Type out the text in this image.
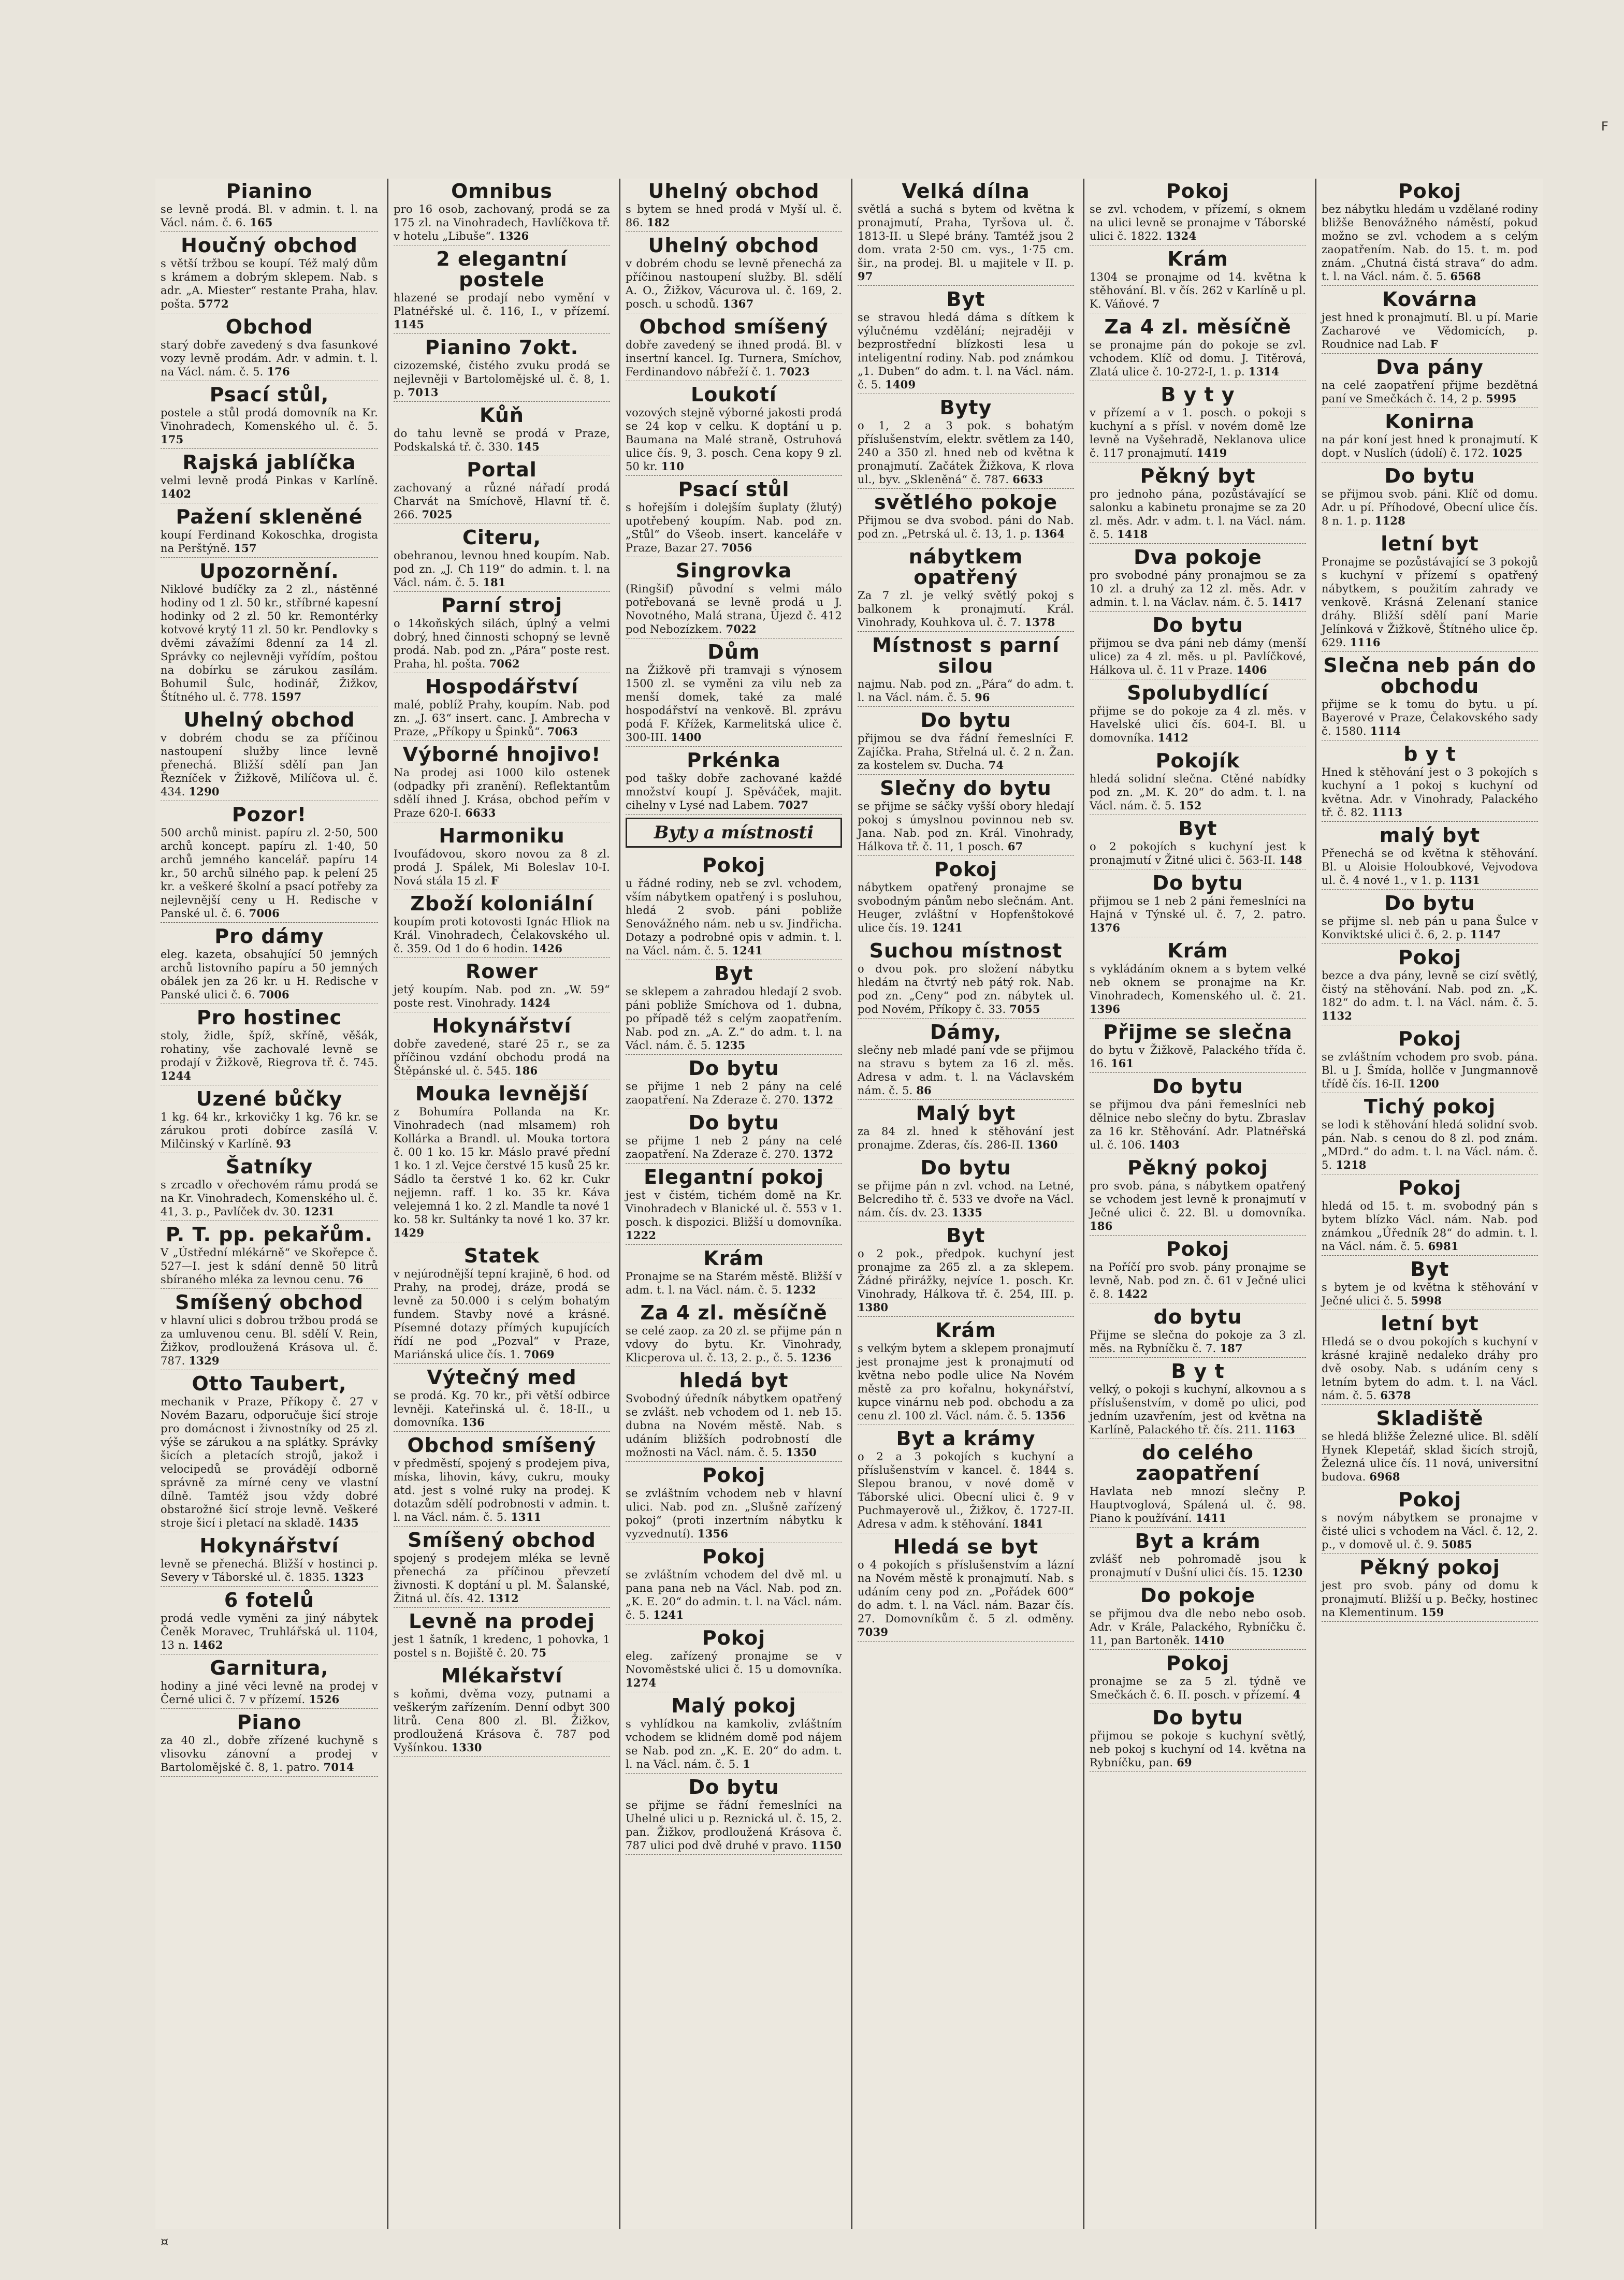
F
Pianino

se levně prodá. Bl. v admin. t. l. na Václ. nám. č. 6. 165

Houčný obchod

s větší tržbou se koupí. Též malý dům s krámem a dobrým sklepem. Nab. s adr. „A. Miester“ restante Praha, hlav. pošta. 5772

Obchod

starý dobře zavedený s dva fasunkové vozy levně prodám. Adr. v admin. t. l. na Václ. nám. č. 5. 176

Psací stůl,

postele a stůl prodá domovník na Kr. Vinohradech, Komenského ul. č. 5. 175

Rajská jablíčka

velmi levně prodá Pinkas v Karlíně. 1402

Pažení skleněné

koupí Ferdinand Kokoschka, drogista na Perštýně. 157

Upozornění.

Niklové budíčky za 2 zl., nástěnné hodiny od 1 zl. 50 kr., stříbrné kapesní hodinky od 2 zl. 50 kr. Remontérky kotvové krytý 11 zl. 50 kr. Pendlovky s dvěmi závažími 8denní za 14 zl. Správky co nejlevněji vyřídím, poštou na dobírku se zárukou zasílám. Bohumil Šulc, hodinář, Žižkov, Štítného ul. č. 778. 1597

Uhelný obchod

v dobrém chodu se za příčinou nastoupení služby lince levně přenechá. Bližší sdělí pan Jan Řezníček v Žižkově, Milíčova ul. č. 434. 1290

Pozor!

500 archů minist. papíru zl. 2·50, 500 archů koncept. papíru zl. 1·40, 50 archů jemného kancelář. papíru 14 kr., 50 archů silného pap. k pelení 25 kr. a veškeré školní a psací potřeby za nejlevnější ceny u H. Redische v Panské ul. č. 6. 7006

Pro dámy

eleg. kazeta, obsahující 50 jemných archů listovního papíru a 50 jemných obálek jen za 26 kr. u H. Redische v Panské ulici č. 6. 7006

Pro hostinec

stoly, židle, špíž, skříně, věšák, rohatiny, vše zachovalé levně se prodají v Žižkově, Riegrova tř. č. 745. 1244

Uzené bůčky

1 kg. 64 kr., krkovičky 1 kg. 76 kr. se zárukou proti dobírce zasílá V. Milčinský v Karlíně. 93

Šatníky

s zrcadlo v ořechovém rámu prodá se na Kr. Vinohradech, Komenského ul. č. 41, 3. p., Pavlíček dv. 30. 1231

P. T. pp. pekařům.

V „Ústřední mlékárně“ ve Skořepce č. 527—I. jest k sdání denně 50 litrů sbíraného mléka za levnou cenu. 76

Smíšený obchod

v hlavní ulici s dobrou tržbou prodá se za umluvenou cenu. Bl. sdělí V. Rein, Žižkov, prodloužená Krásova ul. č. 787. 1329

Otto Taubert,

mechanik v Praze, Příkopy č. 27 v Novém Bazaru, odporučuje šicí stroje pro domácnost i živnostníky od 25 zl. výše se zárukou a na splátky. Správky šicích a pletacích strojů, jakož i velocipedů se provádějí odborně správně za mírné ceny ve vlastní dílně. Tamtéž jsou vždy dobré obstarožné šicí stroje levně. Veškeré stroje šicí i pletací na skladě. 1435

Hokynářství

levně se přenechá. Bližší v hostinci p. Severy v Táborské ul. č. 1835. 1323

6 fotelů

prodá vedle vyměni za jiný nábytek Čeněk Moravec, Truhlářská ul. 1104, 13 n. 1462

Garnitura,

hodiny a jiné věci levně na prodej v Černé ulici č. 7 v přízemí. 1526

Piano

za 40 zl., dobře zřízené kuchyně s vlisovku zánovní a prodej v Bartolomějské č. 8, 1. patro. 7014

Omnibus

pro 16 osob, zachovaný, prodá se za 175 zl. na Vinohradech, Havlíčkova tř. v hotelu „Libuše“. 1326

2 elegantní postele

hlazené se prodají nebo vymění v Platnéřské ul. č. 116, I., v přízemí. 1145

Pianino 7okt.

cizozemské, čistého zvuku prodá se nejlevněji v Bartolomějské ul. č. 8, 1. p. 7013

Kůň

do tahu levně se prodá v Praze, Podskalská tř. č. 330. 145

Portal

zachovaný a různé nářadí prodá Charvát na Smíchově, Hlavní tř. č. 266. 7025

Citeru,

obehranou, levnou hned koupím. Nab. pod zn. „J. Ch 119“ do admin. t. l. na Václ. nám. č. 5. 181

Parní stroj

o 14koňských silách, úplný a velmi dobrý, hned činnosti schopný se levně prodá. Nab. pod zn. „Pára“ poste rest. Praha, hl. pošta. 7062

Hospodářství

malé, poblíž Prahy, koupím. Nab. pod zn. „J. 63“ insert. canc. J. Ambrecha v Praze, „Příkopy u Špinků“. 7063

Výborné hnojivo!

Na prodej asi 1000 kilo ostenek (odpadky při zranění). Reflektantům sdělí ihned J. Krása, obchod peřím v Praze 620-I. 6633

Harmoniku

Ivoufádovou, skoro novou za 8 zl. prodá J. Spálek, Mi Boleslav 10-I. Nová stála 15 zl. F

Zboží koloniální

koupím proti kotovosti Ignác Hliok na Král. Vinohradech, Čelakovského ul. č. 359. Od 1 do 6 hodin. 1426

Rower

jetý koupím. Nab. pod zn. „W. 59“ poste rest. Vinohrady. 1424

Hokynářství

dobře zavedené, staré 25 r., se za příčinou vzdání obchodu prodá na Štěpánské ul. č. 545. 186

Mouka levnější

z Bohumíra Pollanda na Kr. Vinohradech (nad mlsamem) roh Kollárka a Brandl. ul. Mouka tortora č. 00 1 ko. 15 kr. Máslo pravé přední 1 ko. 1 zl. Vejce čerstvé 15 kusů 25 kr. Sádlo ta čerstvé 1 ko. 62 kr. Cukr nejjemn. raff. 1 ko. 35 kr. Káva velejemná 1 ko. 2 zl. Mandle ta nové 1 ko. 58 kr. Sultánky ta nové 1 ko. 37 kr. 1429

Statek

v nejúrodnější tepní krajině, 6 hod. od Prahy, na prodej, dráze, prodá se levně za 50.000 i s celým bohatým fundem. Stavby nové a krásné. Písemné dotazy přímých kupujících řídí ne pod „Pozval“ v Praze, Mariánská ulice čís. 1. 7069

Výtečný med

se prodá. Kg. 70 kr., při větší odbirce levněji. Kateřinská ul. č. 18-II., u domovníka. 136

Obchod smíšený

v předměstí, spojený s prodejem piva, míska, lihovin, kávy, cukru, mouky atd. jest s volné ruky na prodej. K dotazům sdělí podrobnosti v admin. t. l. na Václ. nám. č. 5. 1311

Smíšený obchod

spojený s prodejem mléka se levně přenechá za příčinou převzetí živnosti. K doptání u pl. M. Šalanské, Žitná ul. čís. 42. 1312

Levně na prodej

jest 1 šatník, 1 kredenc, 1 pohovka, 1 postel s n. Bojiště č. 20. 75

Mlékařství

s koňmi, dvěma vozy, putnami a veškerým zařízením. Denní odbyt 300 litrů. Cena 800 zl. Bl. Žižkov, prodloužená Krásova č. 787 pod Vyšínkou. 1330

Uhelný obchod

s bytem se hned prodá v Myší ul. č. 86. 182

Uhelný obchod

v dobrém chodu se levně přenechá za příčinou nastoupení služby. Bl. sdělí A. O., Žižkov, Vácurova ul. č. 169, 2. posch. u schodů. 1367

Obchod smíšený

dobře zavedený se ihned prodá. Bl. v insertní kancel. Ig. Turnera, Smíchov, Ferdinandovo nábřeží č. 1. 7023

Loukotí

vozových stejně výborné jakosti prodá se 24 kop v celku. K doptání u p. Baumana na Malé straně, Ostruhová ulice čís. 9, 3. posch. Cena kopy 9 zl. 50 kr. 110

Psací stůl

s hořejším i dolejším šuplaty (žlutý) upotřebený koupím. Nab. pod zn. „Stůl“ do Všeob. insert. kanceláře v Praze, Bazar 27. 7056

Singrovka

(Ringšif) původní s velmi málo potřebovaná se levně prodá u J. Novotného, Malá strana, Újezd č. 412 pod Nebozízkem. 7022

Dům

na Žižkově při tramvaji s výnosem 1500 zl. se vyměni za vilu neb za menší domek, také za malé hospodářství na venkově. Bl. zprávu podá F. Křížek, Karmelitská ulice č. 300-III. 1400

Prkénka

pod tašky dobře zachované každé množství koupí J. Spěváček, majit. cihelny v Lysé nad Labem. 7027

Byty a místnosti
Pokoj

u řádné rodiny, neb se zvl. vchodem, vším nábytkem opatřený i s posluhou, hledá 2 svob. páni pobliže Senovážného nám. neb u sv. Jindřicha. Dotazy a podrobné opis v admin. t. l. na Václ. nám. č. 5. 1241

Byt

se sklepem a zahradou hledají 2 svob. páni pobliže Smíchova od 1. dubna, po případě též s celým zaopatřením. Nab. pod zn. „A. Z.“ do adm. t. l. na Václ. nám. č. 5. 1235

Do bytu

se přijme 1 neb 2 pány na celé zaopatření. Na Zderaze č. 270. 1372

Do bytu

se přijme 1 neb 2 pány na celé zaopatření. Na Zderaze č. 270. 1372

Elegantní pokoj

jest v čistém, tichém domě na Kr. Vinohradech v Blanické ul. č. 553 v 1. posch. k dispozici. Bližší u domovníka. 1222

Krám

Pronajme se na Starém městě. Bližší v adm. t. l. na Václ. nám. č. 5. 1232

Za 4 zl. měsíčně

se celé zaop. za 20 zl. se přijme pán n vdovy do bytu. Kr. Vinohrady, Klicperova ul. č. 13, 2. p., č. 5. 1236

hledá byt

Svobodný úředník nábytkem opatřený se zvlášt. neb vchodem od 1. neb 15. dubna na Novém městě. Nab. s udáním bližších podrobností dle možnosti na Václ. nám. č. 5. 1350

Pokoj

se zvláštním vchodem neb v hlavní ulici. Nab. pod zn. „Slušně zařízený pokoj“ (proti inzertním nábytku k vyzvednutí). 1356

Pokoj

se zvláštním vchodem del dvě ml. u pana pana neb na Václ. Nab. pod zn. „K. E. 20“ do admin. t. l. na Václ. nám. č. 5. 1241

Pokoj

eleg. zařízený pronajme se v Novoměstské ulici č. 15 u domovníka. 1274

Malý pokoj

s vyhlídkou na kamkoliv, zvláštním vchodem se klidném domě pod nájem se Nab. pod zn. „K. E. 20“ do adm. t. l. na Václ. nám. č. 5. 1

Do bytu

se přijme se řádní řemeslníci na Uhelné ulici u p. Reznická ul. č. 15, 2. pan. Žižkov, prodloužená Krásova č. 787 ulici pod dvě druhé v pravo. 1150

Velká dílna

světlá a suchá s bytem od května k pronajmutí, Praha, Tyršova ul. č. 1813-II. u Slepé brány. Tamtéž jsou 2 dom. vrata 2·50 cm. vys., 1·75 cm. šir., na prodej. Bl. u majitele v II. p. 97

Byt

se stravou hledá dáma s dítkem k výlučnému vzdělání; nejraději v bezprostřední blízkosti lesa u inteligentní rodiny. Nab. pod známkou „1. Duben“ do adm. t. l. na Václ. nám. č. 5. 1409

Byty

o 1, 2 a 3 pok. s bohatým příslušenstvím, elektr. světlem za 140, 240 a 350 zl. hned neb od května k pronajmutí. Začátek Žižkova, K rlova ul., byv. „Skleněná“ č. 787. 6633

světlého pokoje

Přijmou se dva svobod. páni do Nab. pod zn. „Petrská ul. č. 13, 1. p. 1364

nábytkem opatřený

Za 7 zl. je velký světlý pokoj s balkonem k pronajmutí. Král. Vinohrady, Kouhkova ul. č. 7. 1378

Místnost s parní silou

najmu. Nab. pod zn. „Pára“ do adm. t. l. na Václ. nám. č. 5. 96

Do bytu

přijmou se dva řádní řemeslníci F. Zajíčka. Praha, Střelná ul. č. 2 n. Žan. za kostelem sv. Ducha. 74

Slečny do bytu

se přijme se sáčky vyšší obory hledají pokoj s úmyslnou povinnou neb sv. Jana. Nab. pod zn. Král. Vinohrady, Hálkova tř. č. 11, 1 posch. 67

Pokoj

nábytkem opatřený pronajme se svobodným pánům nebo slečnám. Ant. Heuger, zvláštní v Hopfenštokové ulice čís. 19. 1241

Suchou místnost

o dvou pok. pro složení nábytku hledám na čtvrtý neb pátý rok. Nab. pod zn. „Ceny“ pod zn. nábytek ul. pod Novém, Příkopy č. 33. 7055

Dámy,

slečny neb mladé paní vde se přijmou na stravu s bytem za 16 zl. měs. Adresa v adm. t. l. na Václavském nám. č. 5. 86

Malý byt

za 84 zl. hned k stěhování jest pronajme. Zderas, čís. 286-II. 1360

Do bytu

se přijme pán n zvl. vchod. na Letné, Belcrediho tř. č. 533 ve dvoře na Václ. nám. čís. dv. 23. 1335

Byt

o 2 pok., předpok. kuchyní jest pronajme za 265 zl. a za sklepem. Žádné přirážky, nejvíce 1. posch. Kr. Vinohrady, Hálkova tř. č. 254, III. p. 1380

Krám

s velkým bytem a sklepem pronajmutí jest pronajme jest k pronajmutí od května nebo podle ulice Na Novém městě za pro kořalnu, hokynářství, kupce vinárnu neb pod. obchodu a za cenu zl. 100 zl. Václ. nám. č. 5. 1356

Byt a krámy

o 2 a 3 pokojích s kuchyní a příslušenstvím v kancel. č. 1844 s. Slepou branou, v nové domě v Táborské ulici. Obecní ulici č. 9 v Puchmayerově ul., Žižkov, č. 1727-II. Adresa v adm. k stěhování. 1841

Hledá se byt

o 4 pokojích s příslušenstvím a lázní na Novém městě k pronajmutí. Nab. s udáním ceny pod zn. „Pořádek 600“ do adm. t. l. na Václ. nám. Bazar čís. 27. Domovníkům č. 5 zl. odměny. 7039

Pokoj

se zvl. vchodem, v přízemí, s oknem na ulici levně se pronajme v Táborské ulici č. 1822. 1324

Krám

1304 se pronajme od 14. května k stěhování. Bl. v čís. 262 v Karlíně u pl. K. Váňové. 7

Za 4 zl. měsíčně

se pronajme pán do pokoje se zvl. vchodem. Klíč od domu. J. Titěrová, Zlatá ulice č. 10-272-I, 1. p. 1314

B y t y

v přízemí a v 1. posch. o pokoji s kuchyní a s přísl. v novém domě lze levně na Vyšehradě, Neklanova ulice č. 117 pronajmutí. 1419

Pěkný byt

pro jednoho pána, pozůstávající se salonku a kabinetu pronajme se za 20 zl. měs. Adr. v adm. t. l. na Václ. nám. č. 5. 1418

Dva pokoje

pro svobodné pány pronajmou se za 10 zl. a druhý za 12 zl. měs. Adr. v admin. t. l. na Václav. nám. č. 5. 1417

Do bytu

přijmou se dva páni neb dámy (menší ulice) za 4 zl. měs. u pl. Pavlíčkové, Hálkova ul. č. 11 v Praze. 1406

Spolubydlící

přijme se do pokoje za 4 zl. měs. v Havelské ulici čís. 604-I. Bl. u domovníka. 1412

Pokojík

hledá solidní slečna. Ctěné nabídky pod zn. „M. K. 20“ do adm. t. l. na Václ. nám. č. 5. 152

Byt

o 2 pokojích s kuchyní jest k pronajmutí v Žitné ulici č. 563-II. 148

Do bytu

přijmou se 1 neb 2 páni řemeslníci na Hajná v Týnské ul. č. 7, 2. patro. 1376

Krám

s vykládáním oknem a s bytem velké neb oknem se pronajme na Kr. Vinohradech, Komenského ul. č. 21. 1396

Přijme se slečna

do bytu v Žižkově, Palackého třída č. 16. 161

Do bytu

se přijmou dva páni řemeslníci neb dělnice nebo slečny do bytu. Zbraslav za 16 kr. Stěhování. Adr. Platnéřská ul. č. 106. 1403

Pěkný pokoj

pro svob. pána, s nábytkem opatřený se vchodem jest levně k pronajmutí v Ječné ulici č. 22. Bl. u domovníka. 186

Pokoj

na Poříčí pro svob. pány pronajme se levně, Nab. pod zn. č. 61 v Ječné ulici č. 8. 1422

do bytu

Přijme se slečna do pokoje za 3 zl. měs. na Rybníčku č. 7. 187

B y t

velký, o pokoji s kuchyní, alkovnou a s příslušenstvím, v domě po ulici, pod jedním uzavřením, jest od května na Karlíně, Palackého tř. čís. 211. 1163

do celého zaopatření

Havlata neb mnozí slečny P. Hauptvoglová, Spálená ul. č. 98. Piano k používání. 1411

Byt a krám

zvlášť neb pohromadě jsou k pronajmutí v Dušní ulici čís. 15. 1230

Do pokoje

se přijmou dva dle nebo nebo osob. Adr. v Krále, Palackého, Rybníčku č. 11, pan Bartoněk. 1410

Pokoj

pronajme se za 5 zl. týdně ve Smečkách č. 6. II. posch. v přízemí. 4

Do bytu

přijmou se pokoje s kuchyní světlý, neb pokoj s kuchyní od 14. května na Rybníčku, pan. 69

Pokoj

bez nábytku hledám u vzdělané rodiny bližše Benovážného náměstí, pokud možno se zvl. vchodem a s celým zaopatřením. Nab. do 15. t. m. pod znám. „Chutná čistá strava“ do adm. t. l. na Václ. nám. č. 5. 6568

Kovárna

jest hned k pronajmutí. Bl. u pí. Marie Zacharové ve Vědomicích, p. Roudnice nad Lab. F

Dva pány

na celé zaopatření přijme bezdětná paní ve Smečkách č. 14, 2 p. 5995

Konirna

na pár koní jest hned k pronajmutí. K dopt. v Nuslích (údolí) č. 172. 1025

Do bytu

se přijmou svob. páni. Klíč od domu. Adr. u pí. Příhodové, Obecní ulice čís. 8 n. 1. p. 1128

letní byt

Pronajme se pozůstávající se 3 pokojů s kuchyní v přízemí s opatřený nábytkem, s použitím zahrady ve venkově. Krásná Zelenaní stanice dráhy. Bližší sdělí paní Marie Jelínková v Žižkově, Štítného ulice čp. 629. 1116

Slečna neb pán do obchodu

přijme se k tomu do bytu. u pí. Bayerové v Praze, Čelakovského sady č. 1580. 1114

b y t

Hned k stěhování jest o 3 pokojích s kuchyní a 1 pokoj s kuchyní od května. Adr. v Vinohrady, Palackého tř. č. 82. 1113

malý byt

Přenechá se od května k stěhování. Bl. u Aloisie Holoubkové, Vejvodova ul. č. 4 nové 1., v 1. p. 1131

Do bytu

se přijme sl. neb pán u pana Šulce v Konviktské ulici č. 6, 2. p. 1147

Pokoj

bezce a dva pány, levně se cizí světlý, čistý na stěhování. Nab. pod zn. „K. 182“ do adm. t. l. na Václ. nám. č. 5. 1132

Pokoj

se zvláštním vchodem pro svob. pána. Bl. u J. Šmída, hollče v Jungmannově třídě čís. 16-II. 1200

Tichý pokoj

se lodi k stěhování hledá solidní svob. pán. Nab. s cenou do 8 zl. pod znám. „MDrd.“ do adm. t. l. na Václ. nám. č. 5. 1218

Pokoj

hledá od 15. t. m. svobodný pán s bytem blízko Václ. nám. Nab. pod známkou „Úředník 28“ do admin. t. l. na Václ. nám. č. 5. 6981

Byt

s bytem je od května k stěhování v Ječné ulici č. 5. 5998

letní byt

Hledá se o dvou pokojích s kuchyní v krásné krajině nedaleko dráhy pro dvě osoby. Nab. s udáním ceny s letním bytem do adm. t. l. na Václ. nám. č. 5. 6378

Skladiště

se hledá bližše Železné ulice. Bl. sdělí Hynek Klepetář, sklad šicích strojů, Železná ulice čís. 11 nová, universitní budova. 6968

Pokoj

s novým nábytkem se pronajme v čisté ulici s vchodem na Václ. č. 12, 2. p., v domově ul. č. 9. 5085

Pěkný pokoj

jest pro svob. pány od domu k pronajmutí. Bližší u p. Bečky, hostinec na Klementinum. 159

¤
